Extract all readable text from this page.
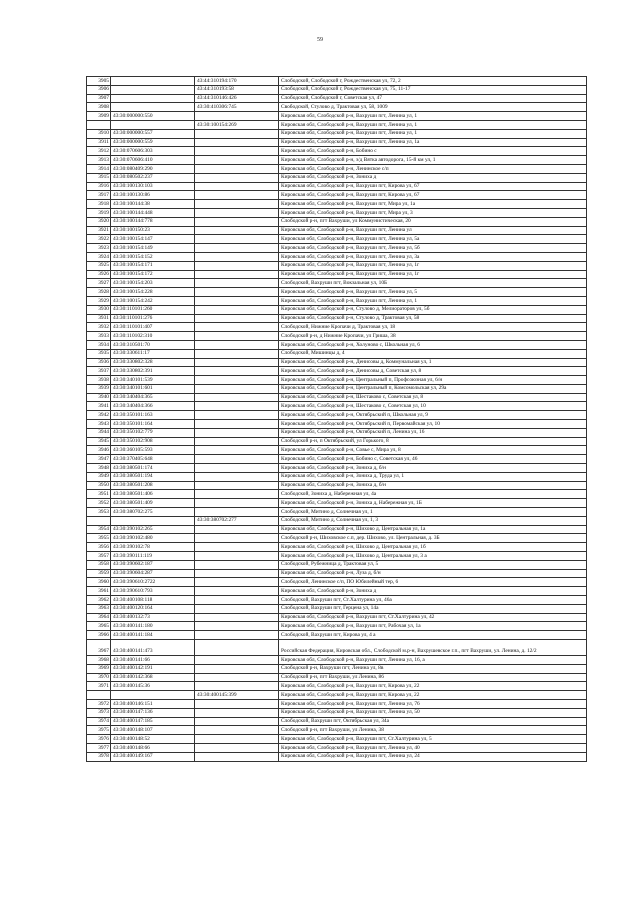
59
3905		43:44:310194:170	Слободской, Слободской г, Рождественская ул, 72, 2
3906		43:44:310193:58	Слободской, Слободской г, Рождественская ул, 75, 11-17
3907		43:44:310146:426	Слободской, Слободской г, Советская ул, 47
3908		43:30:410306:745	Свободской, Стулово д, Трактовая ул, 58, 1009
3909	43:30:000000:550		Кировская обл, Слободской р-н, Вахруши пгт, Ленина ул, 1
		43:30:100154:269	Кировская обл, Слободской р-н, Вахруши пгт, Ленина ул, 1
3910	43:30:000000:557		Кировская обл, Слободской р-н, Вахруши пгт, Ленина ул, 1
3911	43:30:000000:559		Кировская обл, Слободской р-н, Вахруши пгт, Ленина ул, 1а
3912	43:30:070606:303		Кировская обл, Слободской р-н, Бобино с
3913	43:30:070606:410		Кировская обл, Слободской р-н, з/д Вятка автодорога, 15-й км ул, 1
3914	43:30:080409:290		Кировская обл, Слободской р-н, Ленинское с/п
3915	43:30:080502:237		Кировская обл, Слободской р-н, Зониха д
3916	43:30:100130:103		Кировская обл, Слободской р-н, Вахруши пгт, Кирова ул, 67
3917	43:30:100130:86		Кировская обл, Слободской р-н, Вахруши пгт, Кирова ул, 67
3918	43:30:100144:38		Кировская обл, Слободской р-н, Вахруши пгт, Мира ул, 1а
3919	43:30:100144:448		Кировская обл, Слободской р-н, Вахруши пгт, Мира ул, 3
3920	43:30:100144:778		Слободской р-н, пгт Вахруши, ул Коммунистическая, 20
3921	43:30:100150:23		Кировская обл, Слободской р-н, Вахруши пгт, Ленина ул
3922	43:30:100154:147		Кировская обл, Слободской р-н, Вахруши пгт, Ленина ул, 5а
3923	43:30:100154:149		Кировская обл, Слободской р-н, Вахруши пгт, Ленина ул, 5б
3924	43:30:100154:152		Кировская обл, Слободской р-н, Вахруши пгт, Ленина ул, 3а
3925	43:30:100154:171		Кировская обл, Слободской р-н, Вахруши пгт, Ленина ул, 1г
3926	43:30:100154:172		Кировская обл, Слободской р-н, Вахруши пгт, Ленина ул, 1г
3927	43:30:100154:203		Слободской, Вахруши пгт, Вокзальная ул, 10Б
3928	43:30:100154:228		Кировская обл, Слободской р-н, Вахруши пгт, Ленина ул, 5
3929	43:30:100154:242		Кировская обл, Слободской р-н, Вахруши пгт, Ленина ул, 1
3930	43:30:110101:260		Кировская обл, Слободской р-н, Стулово д, Мелиораторов ул, 5б
3931	43:30:110101:276		Кировская обл, Слободской р-н, Стулово д, Трактовая ул, 58
3932	43:30:110101:407		Слободской, Нижние Кропачи д, Трактовая ул, 18
3933	43:30:110102:310		Слободской р-н, д Нижние Кропачи, ул Гриша, 38
3934	43:30:310501:70		Кировская обл, Слободской р-н, Холуново с, Школьная ул, 6
3935	43:30:330611:17		Слободской, Мишинцы д, 4
3936	43:30:330802:328		Кировская обл, Слободской р-н, Денисовы д, Коммунальная ул, 1
3937	43:30:330802:391		Кировская обл, Слободской р-н, Денисовы д, Советская ул, 8
3938	43:30:340101:539		Кировская обл, Слободской р-н, Центральный п, Профсоюзная ул, 6/н
3939	43:30:340101:601		Кировская обл, Слободской р-н, Центральный п, Комсомольская ул, 29а
3940	43:30:340404:365		Кировская обл, Слободской р-н, Шестаково с, Советская ул, 8
3941	43:30:340404:366		Кировская обл, Слободской р-н, Шестаково с, Советская ул, 10
3942	43:30:350101:163		Кировская обл, Слободской р-н, Октябрьский п, Школьная ул, 9
3943	43:30:350101:164		Кировская обл, Слободской р-н, Октябрьский п, Первомайская ул, 10
3944	43:30:350102:779		Кировская обл, Слободской р-н, Октябрьский п, Ленина ул, 16
3945	43:30:350102:908		Слободской р-н, п Октябрьский, ул Горького, 8
3946	43:30:360105:593		Кировская обл, Слободской р-н, Совье с, Мира ул, 8
3947	43:30:370405:648		Кировская обл, Слободской р-н, Бобино с, Советская ул, 46
3948	43:30:380501:174		Кировская обл, Слободской р-н, Зониха д, б/н
3949	43:30:380501:194		Кировская обл, Слободской р-н, Зониха д, Труда ул, 1
3950	43:30:380501:208		Кировская обл, Слободской р-н, Зониха д, б/н
3951	43:30:380501:406		Слободской, Зониха д, Набережная ул, 4а
3952	43:30:380501:409		Кировская обл, Слободской р-н, Зониха д, Набережная ул, 1Б
3953	43:30:380702:275		Слободской, Митино д, Солнечная ул, 1
		43:30:380702:277	Слободской, Митино д, Солнечная ул, 1, 3
3954	43:30:390102:265		Кировская обл, Слободской р-н, Шихово д, Центральная ул, 1а
3955	43:30:390102:480		Слободской р-н, Шиховское с.п, дер. Шихово, ул. Центральная, д. 3Б
3956	43:30:390102:78		Кировская обл, Слободской р-н, Шихово д, Центральная ул, 1б
3957	43:30:390111:119		Кировская обл, Слободской р-н, Шихово д, Центральная ул, 3 а
3958	43:30:390602:187		Слободской, Рубежница д, Трактовая ул, 5
3959	43:30:390604:287		Кировская обл, Слободской р-н, Луза д, б/н
3960	43:30:390610:2722		Слободской, Ленинское с/п, ПО Юбилейный тер, 6
3961	43:30:390610:793		Кировская обл, Слободской р-н, Зониха д
3962	43:30:400108:118		Слободской, Вахруши пгт, Ст.Халтурина ул, 46а
3963	43:30:400120:164		Слободской, Вахруши пгт, Герцена ул, 14а
3964	43:30:400132:73		Кировская обл, Слободской р-н, Вахруши пгт, Ст.Халтурина ул, 42
3965	43:30:400141:180		Кировская обл, Слободской р-н, Вахруши пгт, Рабочая ул, 1а
3966	43:30:400141:184		Слободской, Вахруши пгт, Кирова ул, 4 а
3967	43:30:400141:473		Российская Федерация, Кировская обл., Слободской м.р-н, Вахрушевское г.п., пгт Вахруши, ул. Ленина, д. 12/2
3968	43:30:400141:66		Кировская обл, Слободской р-н, Вахруши пгт, Ленина ул, 16, а
3969	43:30:400142:191		Слободской р-н, Вахруши пгт, Ленина ул, 8в
3970	43:30:400142:368		Слободской р-н, пгт Вахруши, ул Ленина, 86
3971	43:30:400145:36		Кировская обл, Слободской р-н, Вахруши пгт, Кирова ул, 22
		43:30:400145:399	Кировская обл, Слободской р-н, Вахруши пгт, Кирова ул, 22
3972	43:30:400146:151		Кировская обл, Слободской р-н, Вахруши пгт, Ленина ул, 76
3973	43:30:400147:136		Кировская обл, Слободской р-н, Вахруши пгт, Ленина ул, 50
3974	43:30:400147:185		Слободской, Вахруши пгт, Октябрьская ул, 34а
3975	43:30:400148:107		Слободской р-н, пгт Вахруши, ул Ленина, 38
3976	43:30:400148:52		Кировская обл, Слободской р-н, Вахруши пгт, Ст.Халтурина ул, 5
3977	43:30:400148:66		Кировская обл, Слободской р-н, Вахруши пгт, Ленина ул, 40
3978	43:30:400149:167		Кировская обл, Слободской р-н, Вахруши пгт, Ленина ул, 24
